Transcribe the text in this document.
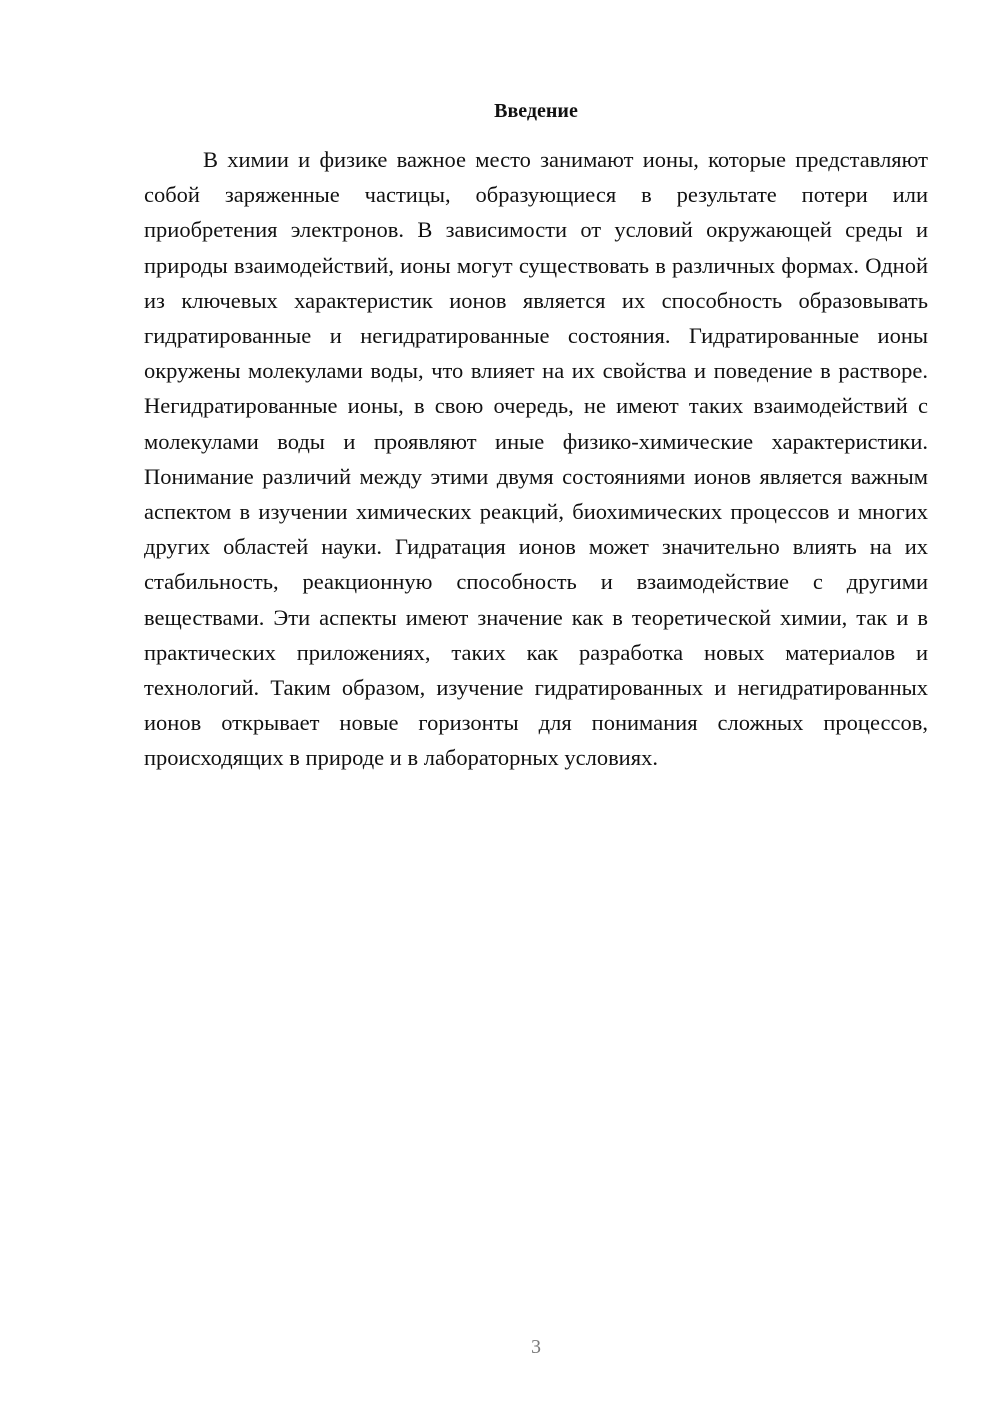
Введение

В химии и физике важное место занимают ионы, которые представляют собой заряженные частицы, образующиеся в результате потери или приобретения электронов. В зависимости от условий окружающей среды и природы взаимодействий, ионы могут существовать в различных формах. Одной из ключевых характеристик ионов является их способность образовывать гидратированные и негидратированные состояния. Гидратированные ионы окружены молекулами воды, что влияет на их свойства и поведение в растворе. Негидратированные ионы, в свою очередь, не имеют таких взаимодействий с молекулами воды и проявляют иные физико-химические характеристики. Понимание различий между этими двумя состояниями ионов является важным аспектом в изучении химических реакций, биохимических процессов и многих других областей науки. Гидратация ионов может значительно влиять на их стабильность, реакционную способность и взаимодействие с другими веществами. Эти аспекты имеют значение как в теоретической химии, так и в практических приложениях, таких как разработка новых материалов и технологий. Таким образом, изучение гидратированных и негидратированных ионов открывает новые горизонты для понимания сложных процессов, происходящих в природе и в лабораторных условиях.

3
